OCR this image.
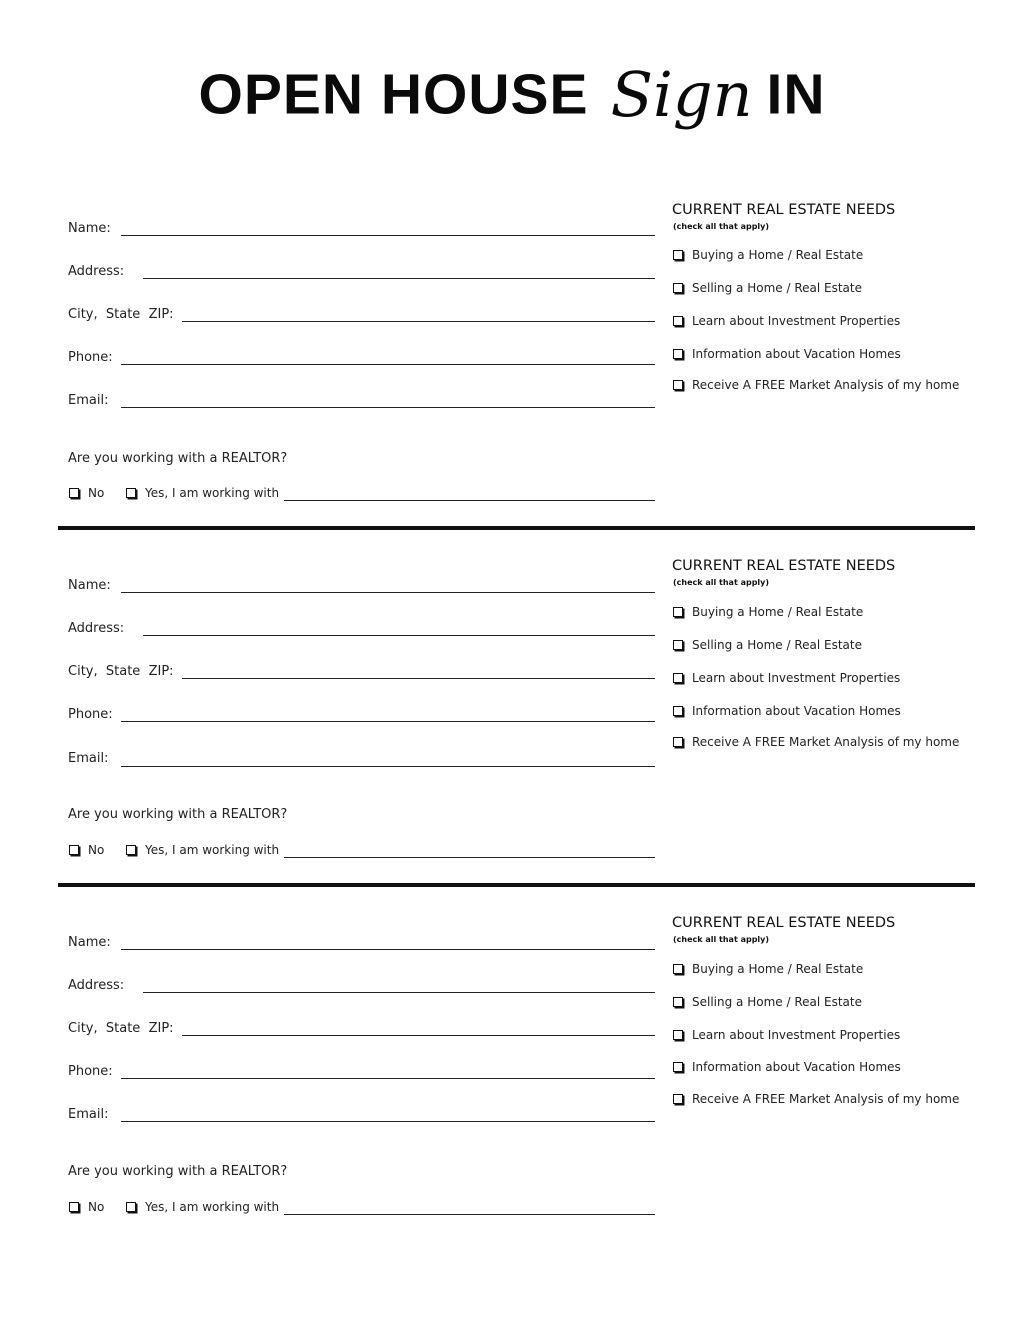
OPEN HOUSE Sign IN
Name:
Address:
City, State ZIP:
Phone:
Email:
Are you working with a REALTOR?
No	Yes, I am working with
CURRENT REAL ESTATE NEEDS
(check all that apply)
Buying a Home / Real Estate
Selling a Home / Real Estate
Learn about Investment Properties
Information about Vacation Homes
Receive A FREE Market Analysis of my home
Name:
Address:
City, State ZIP:
Phone:
Email:
Are you working with a REALTOR?
No	Yes, I am working with
CURRENT REAL ESTATE NEEDS
(check all that apply)
Buying a Home / Real Estate
Selling a Home / Real Estate
Learn about Investment Properties
Information about Vacation Homes
Receive A FREE Market Analysis of my home
Name:
Address:
City, State ZIP:
Phone:
Email:
Are you working with a REALTOR?
No	Yes, I am working with
CURRENT REAL ESTATE NEEDS
(check all that apply)
Buying a Home / Real Estate
Selling a Home / Real Estate
Learn about Investment Properties
Information about Vacation Homes
Receive A FREE Market Analysis of my home
